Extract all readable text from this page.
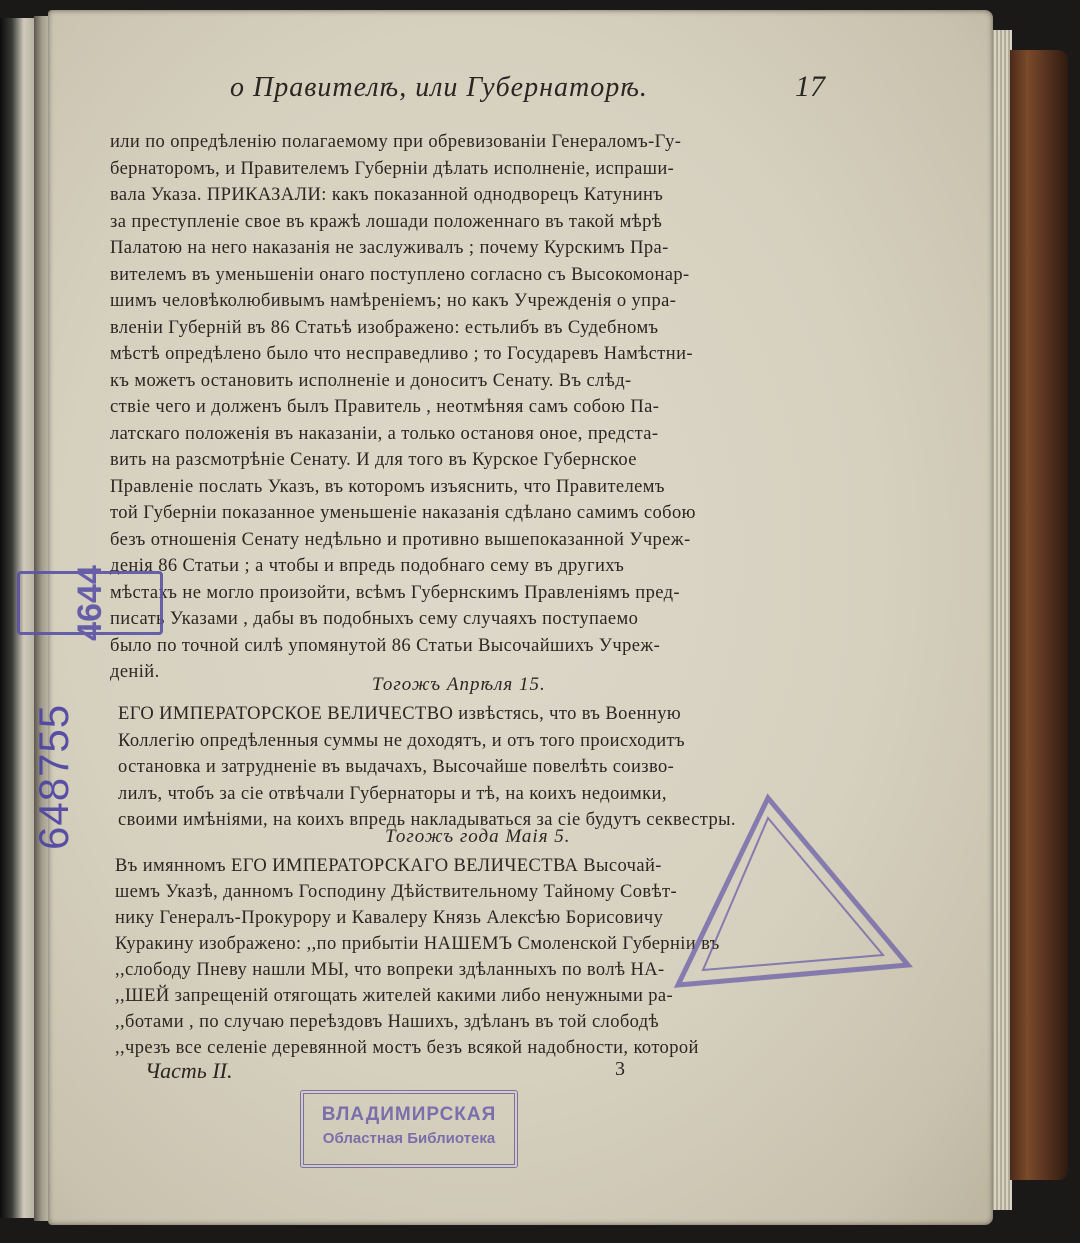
о Правителѣ, или Губернаторѣ.	17
или по опредѣленію полагаемому при обревизованіи Генераломъ-Гу-
бернаторомъ, и Правителемъ Губерніи дѣлать исполненіе, испраши-
вала Указа. ПРИКАЗАЛИ: какъ показанной однодворецъ Катунинъ
за преступленіе свое въ кражѣ лошади положеннаго въ такой мѣрѣ
Палатою на него наказанія не заслуживалъ ; почему Курскимъ Пра-
вителемъ въ уменьшеніи онаго поступлено согласно съ Высокомонар-
шимъ человѣколюбивымъ намѣреніемъ; но какъ Учрежденія о упра-
вленіи Губерній въ 86 Статьѣ изображено: естьлибъ въ Судебномъ
мѣстѣ опредѣлено было что несправедливо ; то Государевъ Намѣстни-
къ можетъ остановить исполненіе и доноситъ Сенату. Въ слѣд-
ствіе чего и долженъ былъ Правитель , неотмѣняя самъ собою Па-
латскаго положенія въ наказаніи, а только остановя оное, предста-
вить на разсмотрѣніе Сенату. И для того въ Курское Губернское
Правленіе послать Указъ, въ которомъ изъяснить, что Правителемъ
той Губерніи показанное уменьшеніе наказанія сдѣлано самимъ собою
безъ отношенія Сенату недѣльно и противно вышепоказанной Учреж-
денія 86 Статьи ; а чтобы и впредь подобнаго сему въ другихъ
мѣстахъ не могло произойти, всѣмъ Губернскимъ Правленіямъ пред-
писать Указами , дабы въ подобныхъ сему случаяхъ поступаемо
было по точной силѣ упомянутой 86 Статьи Высочайшихъ Учреж-
деній.
Тогожъ Апрѣля 15.
ЕГО ИМПЕРАТОРСКОЕ ВЕЛИЧЕСТВО извѣстясь, что въ Военную
Коллегію опредѣленныя суммы не доходятъ, и отъ того происходитъ
остановка и затрудненіе въ выдачахъ, Высочайше повелѣть соизво-
лилъ, чтобъ за сіе отвѣчали Губернаторы и тѣ, на коихъ недоимки,
своими имѣніями, на коихъ впредь накладываться за сіе будутъ секвестры.
Тогожъ года Маія 5.
Въ имянномъ ЕГО ИМПЕРАТОРСКАГО ВЕЛИЧЕСТВА Высочай-
шемъ Указѣ, данномъ Господину Дѣйствительному Тайному Совѣт-
нику Генералъ-Прокурору и Кавалеру Князь Алексѣю Борисовичу
Куракину изображено: ,,по прибытіи НАШЕМЪ Смоленской Губерніи въ
,,слободу Пневу нашли МЫ, что вопреки здѣланныхъ по волѣ НА-
,,ШЕЙ запрещеній отягощать жителей какими либо ненужными ра-
,,ботами , по случаю переѣздовъ Нашихъ, здѣланъ въ той слободѣ
,,чрезъ все селеніе деревянной мостъ безъ всякой надобности, которой
Часть II.	3
4644
648755
ВЛАДИМИРСКАЯ
Областная Библиотека
